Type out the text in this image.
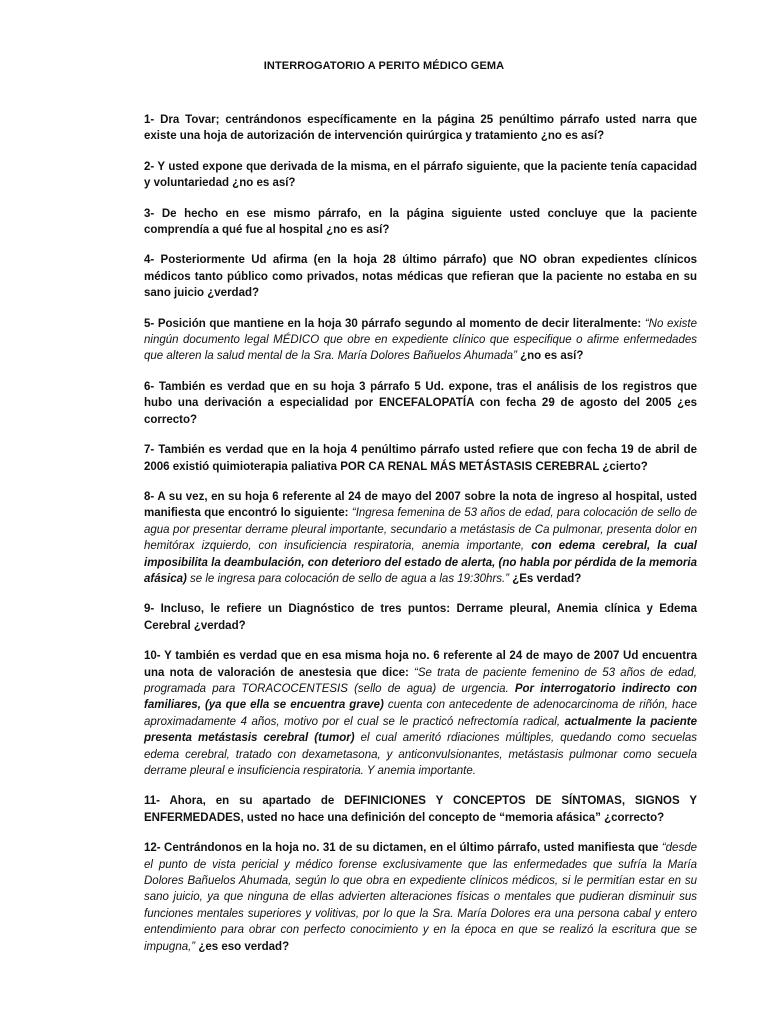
INTERROGATORIO A PERITO MÉDICO GEMA

1- Dra Tovar; centrándonos específicamente en la página 25 penúltimo párrafo usted narra que existe una hoja de autorización de intervención quirúrgica y tratamiento ¿no es así?

2- Y usted expone que derivada de la misma, en el párrafo siguiente, que la paciente tenía capacidad y voluntariedad ¿no es así?

3- De hecho en ese mismo párrafo, en la página siguiente usted concluye que la paciente comprendía a qué fue al hospital ¿no es así?

4- Posteriormente Ud afirma (en la hoja 28 último párrafo) que NO obran expedientes clínicos médicos tanto público como privados, notas médicas que refieran que la paciente no estaba en su sano juicio ¿verdad?

5- Posición que mantiene en la hoja 30 párrafo segundo al momento de decir literalmente: “No existe ningún documento legal MÉDICO que obre en expediente clínico que especifique o afirme enfermedades que alteren la salud mental de la Sra. María Dolores Bañuelos Ahumada” ¿no es así?

6- También es verdad que en su hoja 3 párrafo 5 Ud. expone, tras el análisis de los registros que hubo una derivación a especialidad por ENCEFALOPATÍA con fecha 29 de agosto del 2005 ¿es correcto?

7- También es verdad que en la hoja 4 penúltimo párrafo usted refiere que con fecha 19 de abril de 2006 existió quimioterapia paliativa POR CA RENAL MÁS METÁSTASIS CEREBRAL ¿cierto?

8- A su vez, en su hoja 6 referente al 24 de mayo del 2007 sobre la nota de ingreso al hospital, usted manifiesta que encontró lo siguiente: “Ingresa femenina de 53 años de edad, para colocación de sello de agua por presentar derrame pleural importante, secundario a metástasis de Ca pulmonar, presenta dolor en hemitórax izquierdo, con insuficiencia respiratoria, anemia importante, con edema cerebral, la cual imposibilita la deambulación, con deterioro del estado de alerta, (no habla por pérdida de la memoria afásica) se le ingresa para colocación de sello de agua a las 19:30hrs.” ¿Es verdad?

9- Incluso, le refiere un Diagnóstico de tres puntos: Derrame pleural, Anemia clínica y Edema Cerebral ¿verdad?

10- Y también es verdad que en esa misma hoja no. 6 referente al 24 de mayo de 2007 Ud encuentra una nota de valoración de anestesia que dice: “Se trata de paciente femenino de 53 años de edad, programada para TORACOCENTESIS (sello de agua) de urgencia. Por interrogatorio indirecto con familiares, (ya que ella se encuentra grave) cuenta con antecedente de adenocarcinoma de riñón, hace aproximadamente 4 años, motivo por el cual se le practicó nefrectomía radical, actualmente la paciente presenta metástasis cerebral (tumor) el cual ameritó rdiaciones múltiples, quedando como secuelas edema cerebral, tratado con dexametasona, y anticonvulsionantes, metástasis pulmonar como secuela derrame pleural e insuficiencia respiratoria. Y anemia importante.

11- Ahora, en su apartado de DEFINICIONES Y CONCEPTOS DE SÍNTOMAS, SIGNOS Y ENFERMEDADES, usted no hace una definición del concepto de “memoria afásica” ¿correcto?

12- Centrándonos en la hoja no. 31 de su dictamen, en el último párrafo, usted manifiesta que “desde el punto de vista pericial y médico forense exclusivamente que las enfermedades que sufría la María Dolores Bañuelos Ahumada, según lo que obra en expediente clínicos médicos, si le permitían estar en su sano juicio, ya que ninguna de ellas advierten alteraciones físicas o mentales que pudieran disminuir sus funciones mentales superiores y volitivas, por lo que la Sra. María Dolores era una persona cabal y entero entendimiento para obrar con perfecto conocimiento y en la época en que se realizó la escritura que se impugna,” ¿es eso verdad?
